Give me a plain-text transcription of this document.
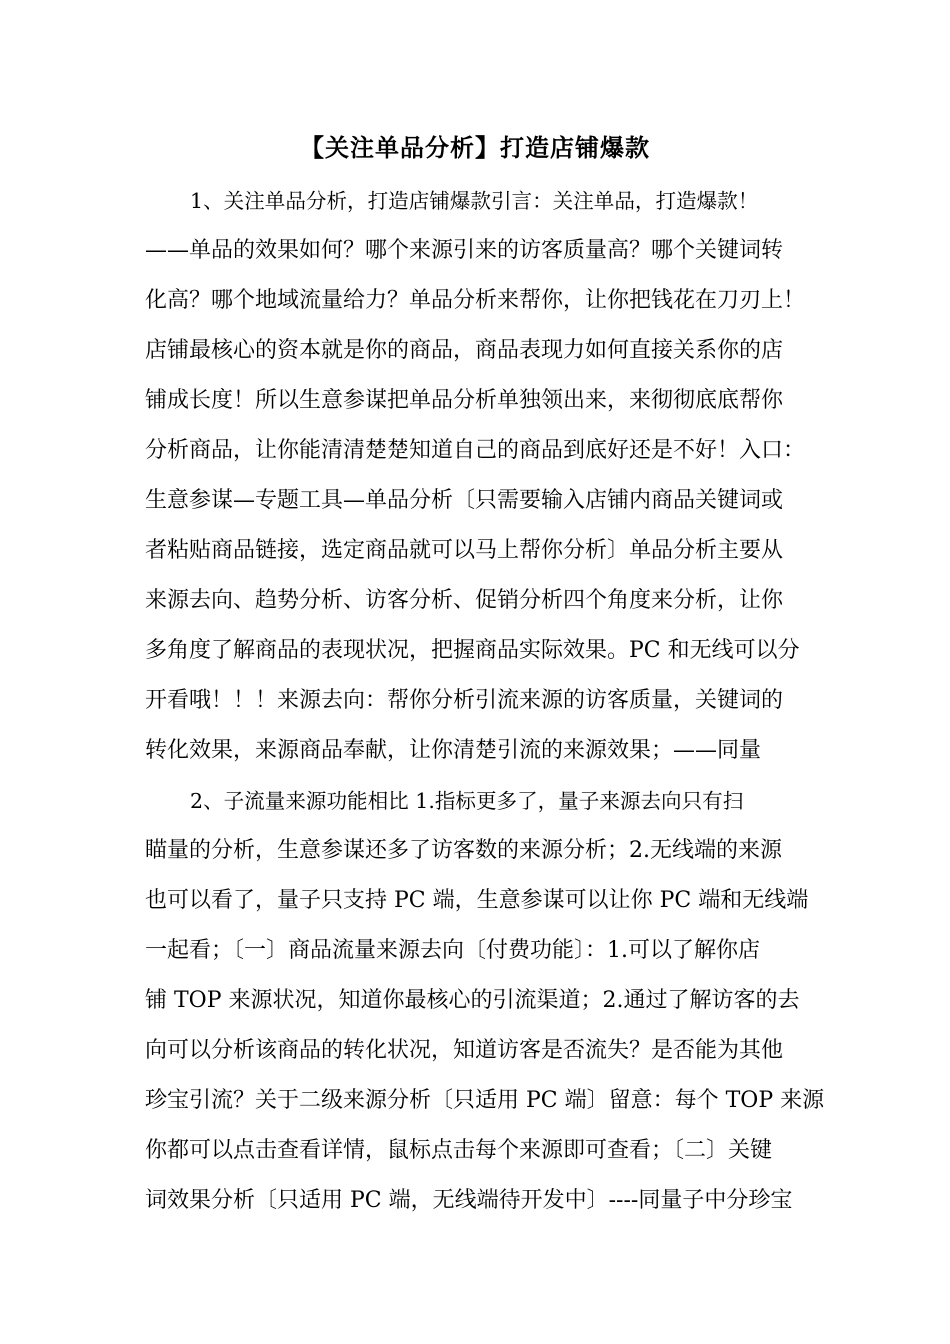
【关注单品分析】打造店铺爆款
1、关注单品分析，打造店铺爆款引言：关注单品，打造爆款！
——单品的效果如何？哪个来源引来的访客质量高？哪个关键词转
化高？哪个地域流量给力？单品分析来帮你，让你把钱花在刀刃上！
店铺最核心的资本就是你的商品，商品表现力如何直接关系你的店
铺成长度！所以生意参谋把单品分析单独领出来，来彻彻底底帮你
分析商品，让你能清清楚楚知道自己的商品到底好还是不好！入口：
生意参谋—专题工具—单品分析〔只需要输入店铺内商品关键词或
者粘贴商品链接，选定商品就可以马上帮你分析〕单品分析主要从
来源去向、趋势分析、访客分析、促销分析四个角度来分析，让你
多角度了解商品的表现状况，把握商品实际效果。PC 和无线可以分
开看哦！！！来源去向：帮你分析引流来源的访客质量，关键词的
转化效果，来源商品奉献，让你清楚引流的来源效果；——同量
2、子流量来源功能相比 1.指标更多了，量子来源去向只有扫
瞄量的分析，生意参谋还多了访客数的来源分析；2.无线端的来源
也可以看了，量子只支持 PC 端，生意参谋可以让你 PC 端和无线端
一起看；〔一〕商品流量来源去向〔付费功能〕：1.可以了解你店
铺 TOP 来源状况，知道你最核心的引流渠道；2.通过了解访客的去
向可以分析该商品的转化状况，知道访客是否流失？是否能为其他
珍宝引流？关于二级来源分析〔只适用 PC 端〕留意：每个 TOP 来源
你都可以点击查看详情，鼠标点击每个来源即可查看；〔二〕关键
词效果分析〔只适用 PC 端，无线端待开发中〕----同量子中分珍宝
